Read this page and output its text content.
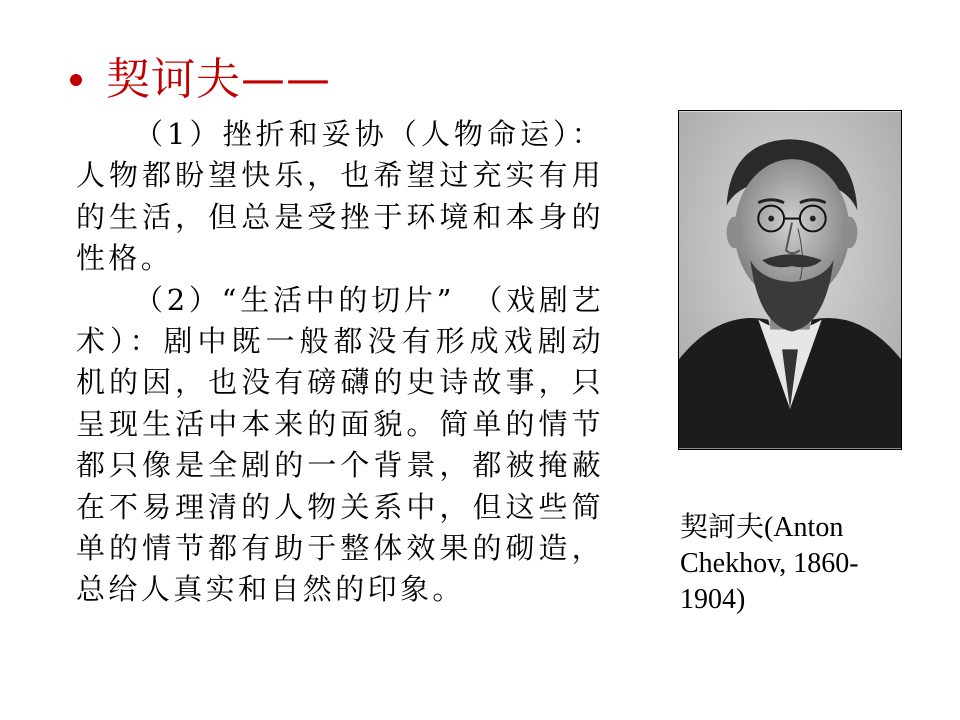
契诃夫——

（1）挫折和妥协（人物命运）：人物都盼望快乐，也希望过充实有用的生活，但总是受挫于环境和本身的性格。

（2）“生活中的切片”　（戏剧艺术）：剧中既一般都没有形成戏剧动机的因，也没有磅礴的史诗故事，只呈现生活中本来的面貌。简单的情节都只像是全剧的一个背景，都被掩蔽在不易理清的人物关系中，但这些简单的情节都有助于整体效果的砌造，总给人真实和自然的印象。

契訶夫(Anton Chekhov, 1860-1904)
